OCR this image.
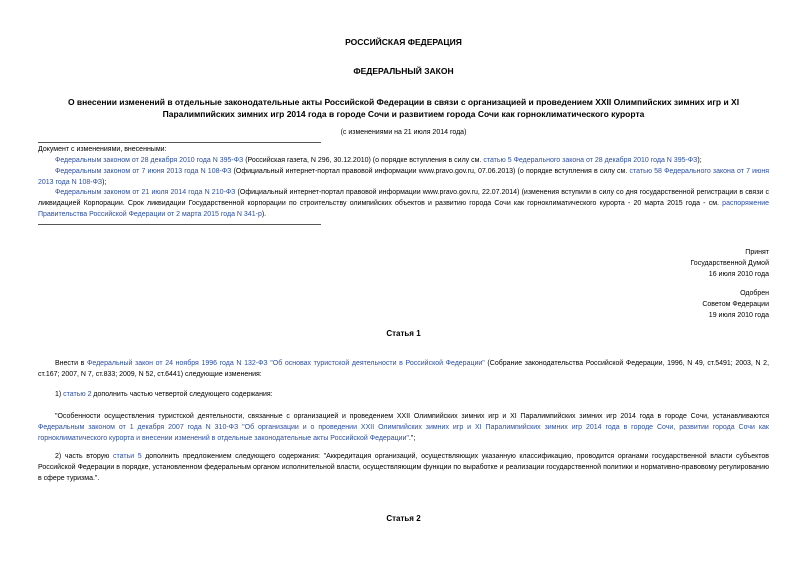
РОССИЙСКАЯ ФЕДЕРАЦИЯ
ФЕДЕРАЛЬНЫЙ ЗАКОН
О внесении изменений в отдельные законодательные акты Российской Федерации в связи с организацией и проведением XXII Олимпийских зимних игр и XI
Паралимпийских зимних игр 2014 года в городе Сочи и развитием города Сочи как горноклиматического курорта
(с изменениями на 21 июля 2014 года)
Документ с изменениями, внесенными:
Федеральным законом от 28 декабря 2010 года N 395-ФЗ (Российская газета, N 296, 30.12.2010) (о порядке вступления в силу см. статью 5 Федерального закона от 28 декабря 2010 года N 395-ФЗ);
Федеральным законом от 7 июня 2013 года N 108-ФЗ (Официальный интернет-портал правовой информации www.pravo.gov.ru, 07.06.2013) (о порядке вступления в силу см. статью 58 Федерального закона от 7 июня 2013 года N 108-ФЗ);
Федеральным законом от 21 июля 2014 года N 210-ФЗ (Официальный интернет-портал правовой информации www.pravo.gov.ru, 22.07.2014) (изменения вступили в силу со дня государственной регистрации в связи с ликвидацией Корпорации. Срок ликвидации Государственной корпорации по строительству олимпийских объектов и развитию города Сочи как горноклиматического курорта - 20 марта 2015 года - см. распоряжение Правительства Российской Федерации от 2 марта 2015 года N 341-р).
Принят
Государственной Думой
16 июля 2010 года
Одобрен
Советом Федерации
19 июля 2010 года
Статья 1
Внести в Федеральный закон от 24 ноября 1996 года N 132-ФЗ "Об основах туристской деятельности в Российской Федерации" (Собрание законодательства Российской Федерации, 1996, N 49, ст.5491; 2003, N 2, ст.167; 2007, N 7, ст.833; 2009, N 52, ст.6441) следующие изменения:
1) статью 2 дополнить частью четвертой следующего содержания:
"Особенности осуществления туристской деятельности, связанные с организацией и проведением XXII Олимпийских зимних игр и XI Паралимпийских зимних игр 2014 года в городе Сочи, устанавливаются Федеральным законом от 1 декабря 2007 года N 310-ФЗ "Об организации и о проведении XXII Олимпийских зимних игр и XI Паралимпийских зимних игр 2014 года в городе Сочи, развитии города Сочи как горноклиматического курорта и внесении изменений в отдельные законодательные акты Российской Федерации".";
2) часть вторую статьи 5 дополнить предложением следующего содержания: "Аккредитация организаций, осуществляющих указанную классификацию, проводится органами государственной власти субъектов Российской Федерации в порядке, установленном федеральным органом исполнительной власти, осуществляющим функции по выработке и реализации государственной политики и нормативно-правовому регулированию в сфере туризма.".
Статья 2
